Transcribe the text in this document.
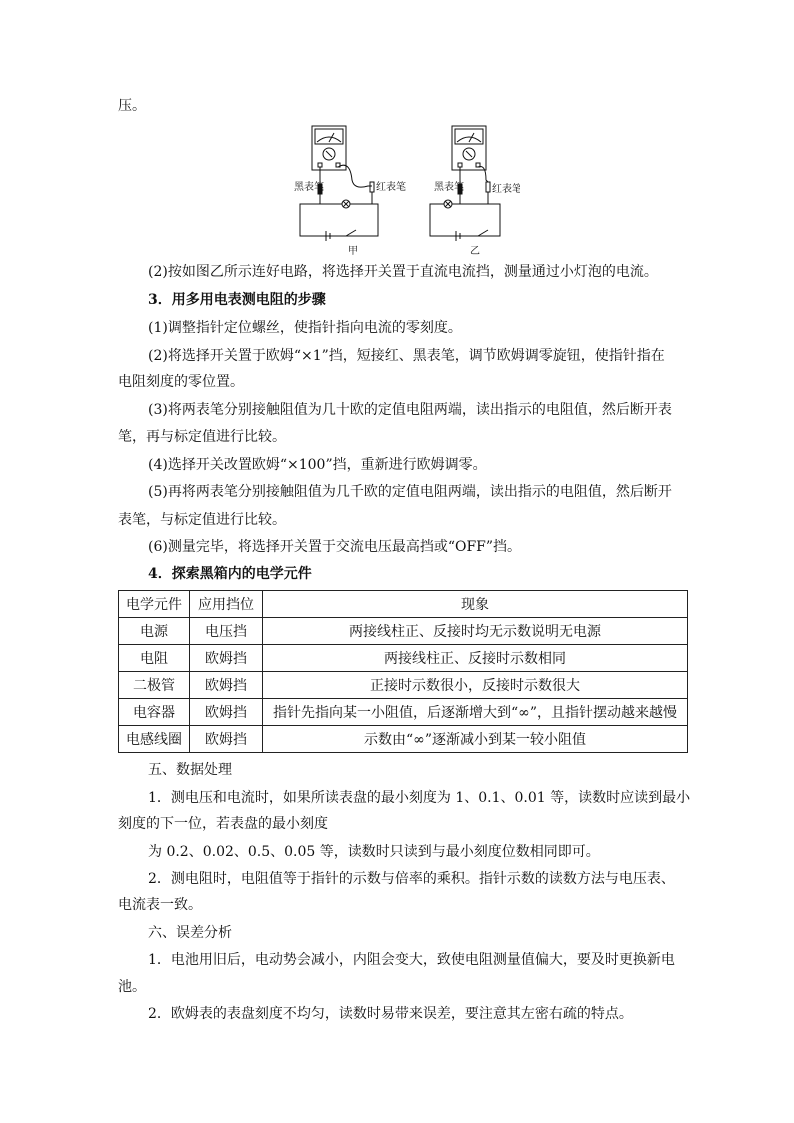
压。
黑表笔	红表笔
甲
黑表笔	红表笔
乙
(2)按如图乙所示连好电路，将选择开关置于直流电流挡，测量通过小灯泡的电流。
3．用多用电表测电阻的步骤
(1)调整指针定位螺丝，使指针指向电流的零刻度。
(2)将选择开关置于欧姆“×1”挡，短接红、黑表笔，调节欧姆调零旋钮，使指针指在
电阻刻度的零位置。
(3)将两表笔分别接触阻值为几十欧的定值电阻两端，读出指示的电阻值，然后断开表
笔，再与标定值进行比较。
(4)选择开关改置欧姆“×100”挡，重新进行欧姆调零。
(5)再将两表笔分别接触阻值为几千欧的定值电阻两端，读出指示的电阻值，然后断开
表笔，与标定值进行比较。
(6)测量完毕，将选择开关置于交流电压最高挡或“OFF”挡。
4．探索黑箱内的电学元件
电学元件	应用挡位	现象
电源	电压挡	两接线柱正、反接时均无示数说明无电源
电阻	欧姆挡	两接线柱正、反接时示数相同
二极管	欧姆挡	正接时示数很小，反接时示数很大
电容器	欧姆挡	指针先指向某一小阻值，后逐渐增大到“∞”，且指针摆动越来越慢
电感线圈	欧姆挡	示数由“∞”逐渐减小到某一较小阻值
五、数据处理
1．测电压和电流时，如果所读表盘的最小刻度为 1、0.1、0.01 等，读数时应读到最小
刻度的下一位，若表盘的最小刻度
为 0.2、0.02、0.5、0.05 等，读数时只读到与最小刻度位数相同即可。
2．测电阻时，电阻值等于指针的示数与倍率的乘积。指针示数的读数方法与电压表、
电流表一致。
六、误差分析
1．电池用旧后，电动势会减小，内阻会变大，致使电阻测量值偏大，要及时更换新电
池。
2．欧姆表的表盘刻度不均匀，读数时易带来误差，要注意其左密右疏的特点。
